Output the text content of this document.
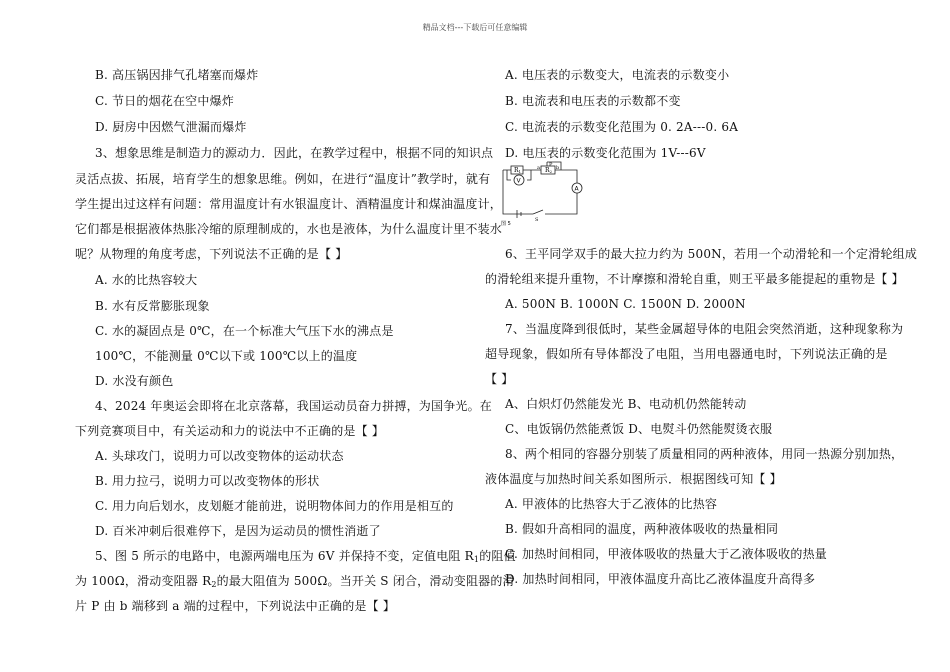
精品文档---下载后可任意编辑
B. 高压锅因排气孔堵塞而爆炸
C. 节日的烟花在空中爆炸
D. 厨房中因燃气泄漏而爆炸
3、想象思维是制造力的源动力．因此，在教学过程中，根据不同的知识点
灵活点拔、拓展，培育学生的想象思维。例如，在进行“温度计”教学时，就有
学生提出过这样有问题：常用温度计有水银温度计、酒精温度计和煤油温度计，
它们都是根据液体热胀冷缩的原理制成的，水也是液体，为什么温度计里不装水
呢？从物理的角度考虑，下列说法不正确的是【 】
A. 水的比热容较大
B. 水有反常膨胀现象
C. 水的凝固点是 0℃，在一个标准大气压下水的沸点是
100℃，不能测量 0℃以下或 100℃以上的温度
D. 水没有颜色
4、2024 年奥运会即将在北京落幕，我国运动员奋力拼搏，为国争光。在
下列竞赛项目中，有关运动和力的说法中不正确的是【 】
A. 头球攻门，说明力可以改变物体的运动状态
B. 用力拉弓，说明力可以改变物体的形状
C. 用力向后划水，皮划艇才能前进，说明物体间力的作用是相互的
D. 百米冲刺后很难停下，是因为运动员的惯性消逝了
5、图 5 所示的电路中，电源两端电压为 6V 并保持不变，定值电阻 $R_1$的阻值
为 100Ω，滑动变阻器 $R_2$的最大阻值为 500Ω。当开关 S 闭合，滑动变阻器的滑
片 P 由 b 端移到 a 端的过程中，下列说法中正确的是【 】
A. 电压表的示数变大，电流表的示数变小
B. 电流表和电压表的示数都不变
C. 电流表的示数变化范围为 0. 2A---0. 6A
D. 电压表的示数变化范围为 1V---6V
6、王平同学双手的最大拉力约为 500N，若用一个动滑轮和一个定滑轮组成
的滑轮组来提升重物，不计摩擦和滑轮自重，则王平最多能提起的重物是【 】
A. 500N B. 1000N C. 1500N D. 2000N
7、当温度降到很低时，某些金属超导体的电阻会突然消逝，这种现象称为
超导现象，假如所有导体都没了电阻，当用电器通电时，下列说法正确的是
【 】
A、白炽灯仍然能发光 B、电动机仍然能转动
C、电饭锅仍然能煮饭 D、电熨斗仍然能熨烫衣服
8、两个相同的容器分别装了质量相同的两种液体，用同一热源分别加热，
液体温度与加热时间关系如图所示．根据图线可知【 】
A. 甲液体的比热容大于乙液体的比热容
B. 假如升高相同的温度，两种液体吸收的热量相同
C. 加热时间相同，甲液体吸收的热量大于乙液体吸收的热量
D. 加热时间相同，甲液体温度升高比乙液体温度升高得多
R1	R2
a	b
P
V
A
S
图 5
